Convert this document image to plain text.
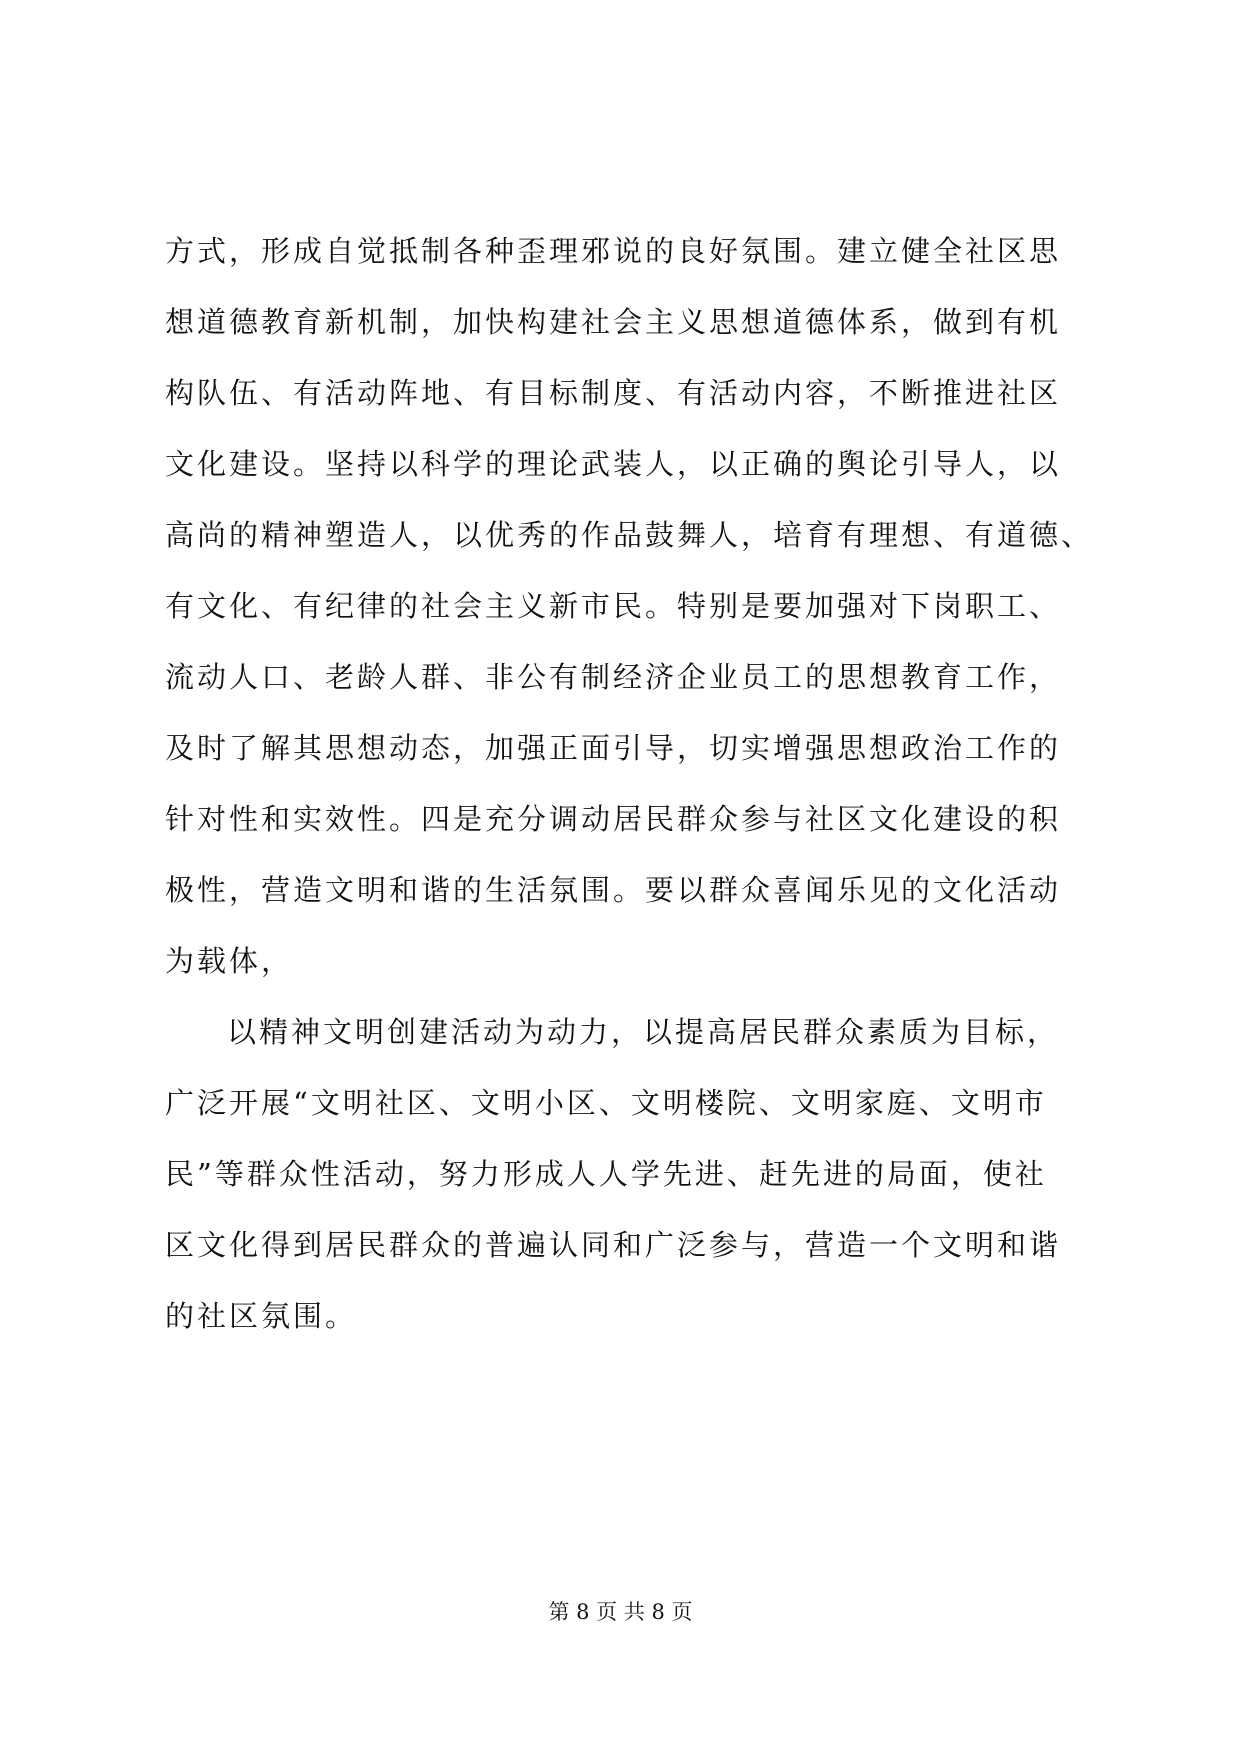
方式，形成自觉抵制各种歪理邪说的良好氛围。建立健全社区思
想道德教育新机制，加快构建社会主义思想道德体系，做到有机
构队伍、有活动阵地、有目标制度、有活动内容，不断推进社区
文化建设。坚持以科学的理论武装人，以正确的舆论引导人，以
高尚的精神塑造人，以优秀的作品鼓舞人，培育有理想、有道德、
有文化、有纪律的社会主义新市民。特别是要加强对下岗职工、
流动人口、老龄人群、非公有制经济企业员工的思想教育工作，
及时了解其思想动态，加强正面引导，切实增强思想政治工作的
针对性和实效性。四是充分调动居民群众参与社区文化建设的积
极性，营造文明和谐的生活氛围。要以群众喜闻乐见的文化活动
为载体，
以精神文明创建活动为动力，以提高居民群众素质为目标，
广泛开展“文明社区、文明小区、文明楼院、文明家庭、文明市
民”等群众性活动，努力形成人人学先进、赶先进的局面，使社
区文化得到居民群众的普遍认同和广泛参与，营造一个文明和谐
的社区氛围。
第 8 页 共 8 页
